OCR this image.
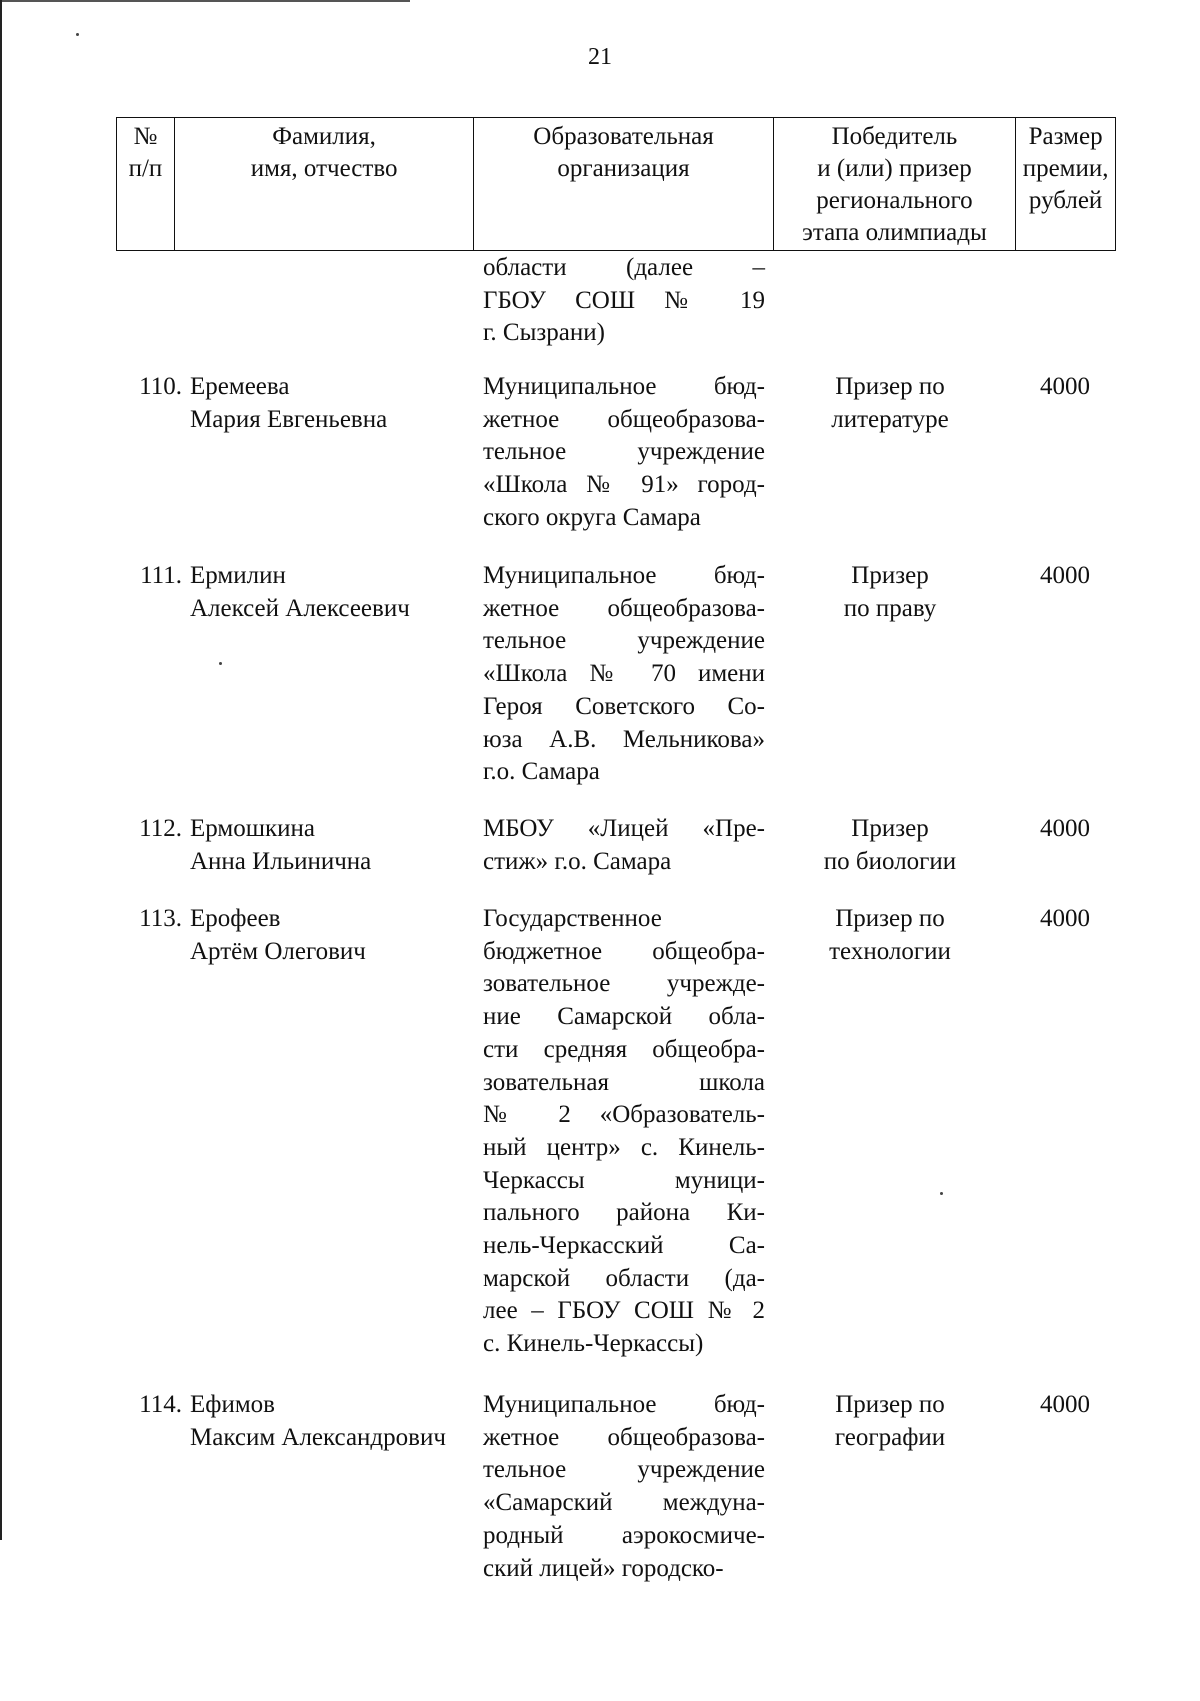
21
№
п/п
Фамилия,
имя, отчество
Образовательная
организация
Победитель
и (или) призер
регионального
этапа олимпиады
Размер
премии,
рублей
области (далее –
ГБОУ СОШ № 19
г. Сызрани)
110. Еремеева
Мария Евгеньевна
Муниципальное бюд-
жетное общеобразова-
тельное учреждение
«Школа № 91» город-
ского округа Самара
Призер по
литературе
4000
111. Ермилин
Алексей Алексеевич
Муниципальное бюд-
жетное общеобразова-
тельное учреждение
«Школа № 70 имени
Героя Советского Со-
юза А.В. Мельникова»
г.о. Самара
Призер
по праву
4000
112. Ермошкина
Анна Ильинична
МБОУ «Лицей «Пре-
стиж» г.о. Самара
Призер
по биологии
4000
113. Ерофеев
Артём Олегович
Государственное
бюджетное общеобра-
зовательное учрежде-
ние Самарской обла-
сти средняя общеобра-
зовательная школа
№ 2 «Образователь-
ный центр» с. Кинель-
Черкассы муници-
пального района Ки-
нель-Черкасский Са-
марской области (да-
лее – ГБОУ СОШ № 2
с. Кинель-Черкассы)
Призер по
технологии
4000
114. Ефимов
Максим Александрович
Муниципальное бюд-
жетное общеобразова-
тельное учреждение
«Самарский междуна-
родный аэрокосмиче-
ский лицей» городско-
Призер по
географии
4000
